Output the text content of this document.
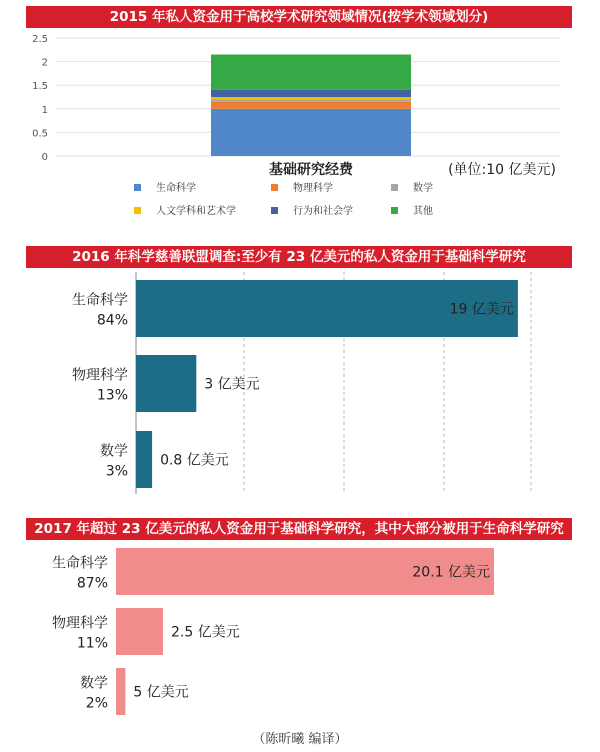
2015 年私人资金用于高校学术研究领域情况(按学术领域划分)
0
0.5
1
1.5
2
2.5
基础研究经费	(单位:10 亿美元)
生命科学	物理科学	数学
人文学科和艺术学	行为和社会学	其他
2016 年科学慈善联盟调查:至少有 23 亿美元的私人资金用于基础科学研究
生命科学
84%
19 亿美元
物理科学
13%
3 亿美元
数学
3%
0.8 亿美元
2017 年超过 23 亿美元的私人资金用于基础科学研究，其中大部分被用于生命科学研究
生命科学
87%
20.1 亿美元
物理科学
11%
2.5 亿美元
数学
2%
5 亿美元
（陈昕曦 编译）
